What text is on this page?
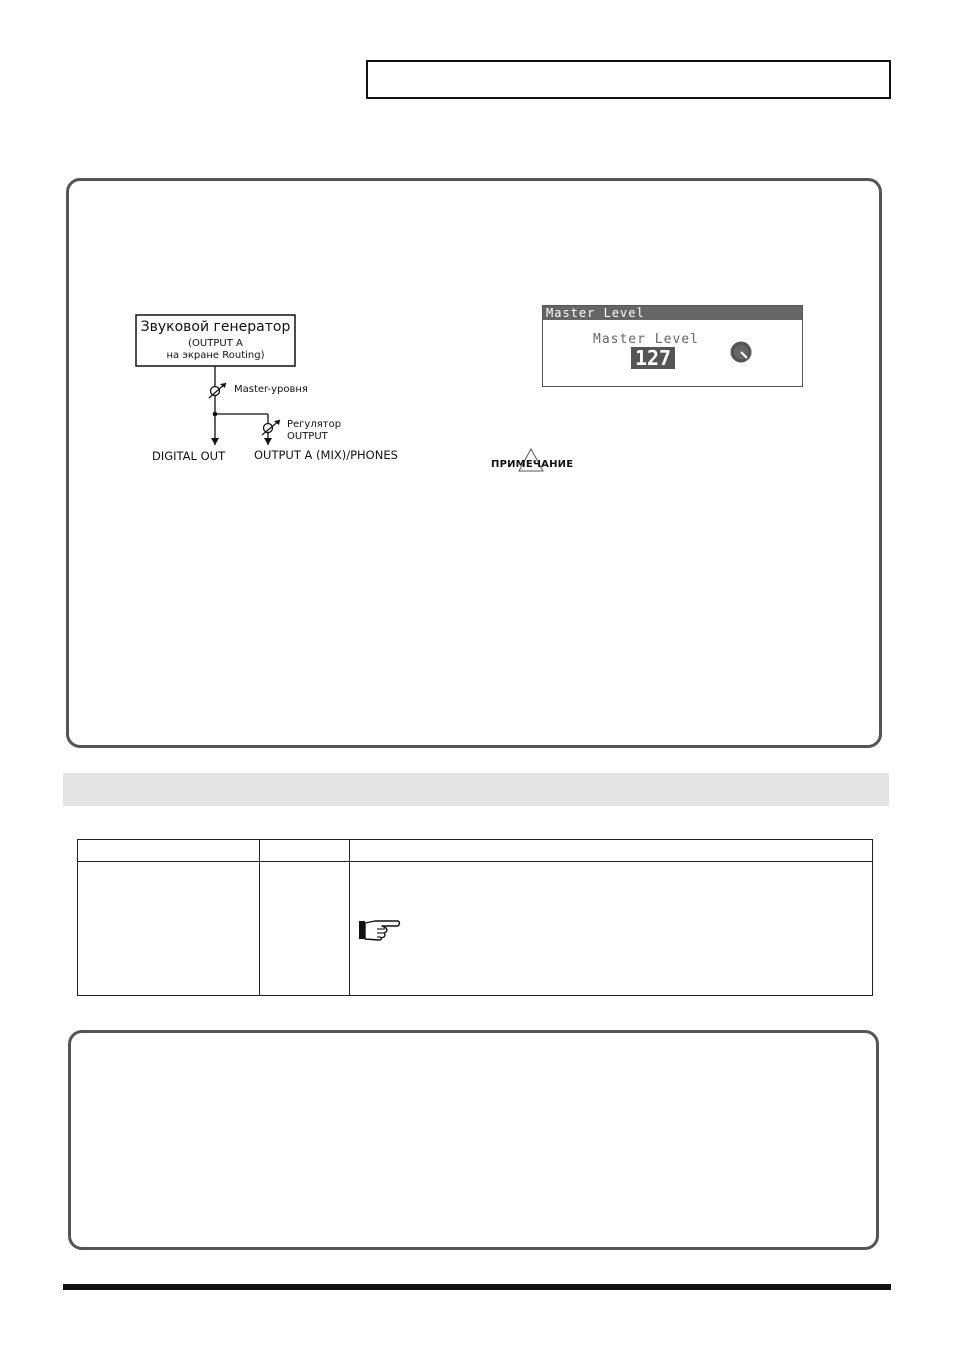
Звуковой генератор
(OUTPUT A
на экране Routing)
Master-уровня
Регулятор
OUTPUT
DIGITAL OUT	OUTPUT A (MIX)/PHONES
Master Level
Master Level
127
ПРИМЕЧАНИЕ
